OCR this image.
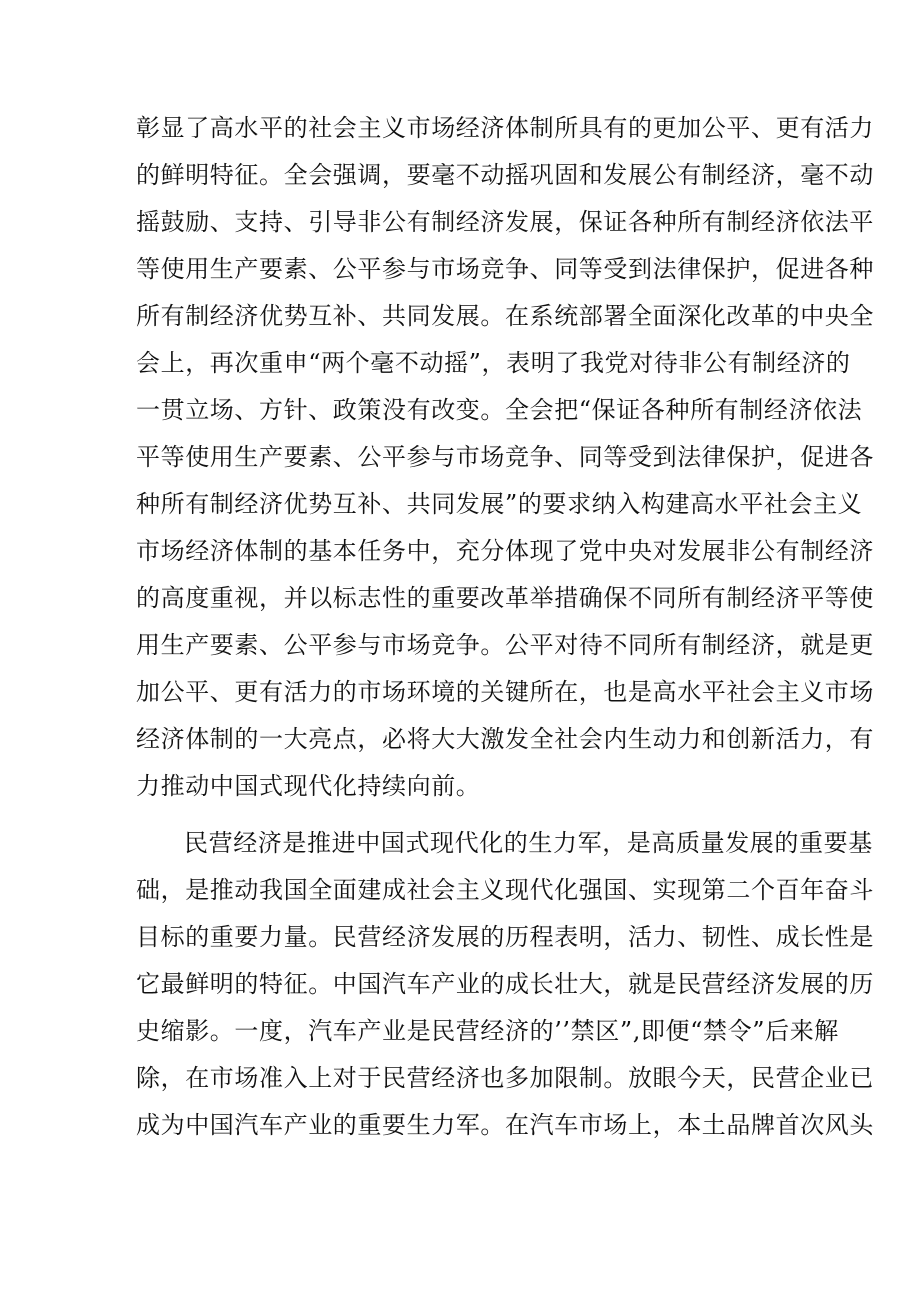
彰显了高水平的社会主义市场经济体制所具有的更加公平、更有活力
的鲜明特征。全会强调，要毫不动摇巩固和发展公有制经济，毫不动
摇鼓励、支持、引导非公有制经济发展，保证各种所有制经济依法平
等使用生产要素、公平参与市场竞争、同等受到法律保护，促进各种
所有制经济优势互补、共同发展。在系统部署全面深化改革的中央全
会上，再次重申“两个毫不动摇”，表明了我党对待非公有制经济的
一贯立场、方针、政策没有改变。全会把“保证各种所有制经济依法
平等使用生产要素、公平参与市场竞争、同等受到法律保护，促进各
种所有制经济优势互补、共同发展”的要求纳入构建高水平社会主义
市场经济体制的基本任务中，充分体现了党中央对发展非公有制经济
的高度重视，并以标志性的重要改革举措确保不同所有制经济平等使
用生产要素、公平参与市场竞争。公平对待不同所有制经济，就是更
加公平、更有活力的市场环境的关键所在，也是高水平社会主义市场
经济体制的一大亮点，必将大大激发全社会内生动力和创新活力，有
力推动中国式现代化持续向前。
民营经济是推进中国式现代化的生力军，是高质量发展的重要基
础，是推动我国全面建成社会主义现代化强国、实现第二个百年奋斗
目标的重要力量。民营经济发展的历程表明，活力、韧性、成长性是
它最鲜明的特征。中国汽车产业的成长壮大，就是民营经济发展的历
史缩影。一度，汽车产业是民营经济的’’禁区”,即便“禁令”后来解
除，在市场准入上对于民营经济也多加限制。放眼今天，民营企业已
成为中国汽车产业的重要生力军。在汽车市场上，本土品牌首次风头
